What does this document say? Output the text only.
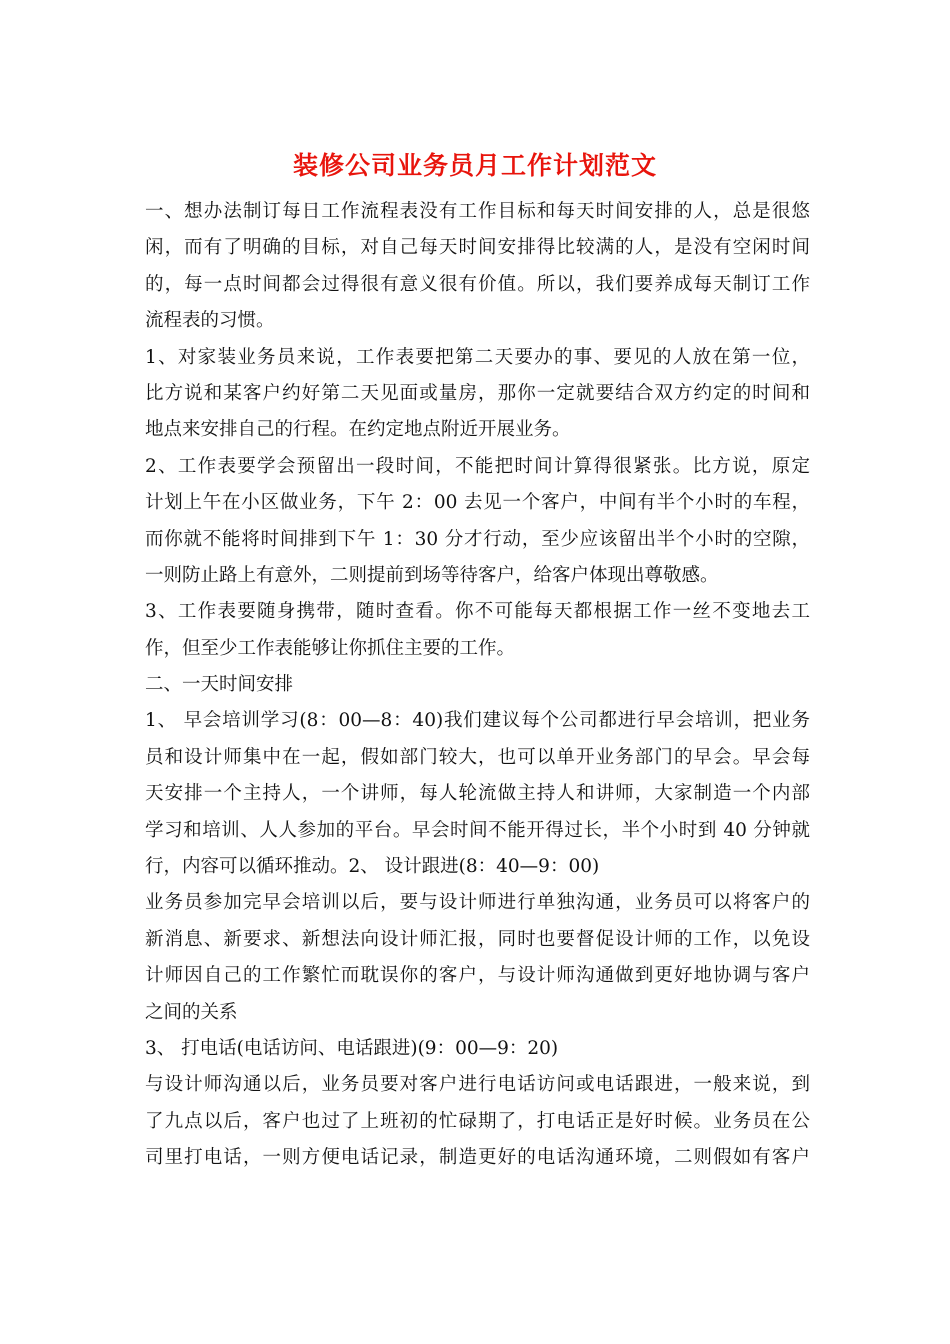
装修公司业务员月工作计划范文
一、想办法制订每日工作流程表没有工作目标和每天时间安排的人，总是很悠
闲，而有了明确的目标，对自己每天时间安排得比较满的人，是没有空闲时间
的，每一点时间都会过得很有意义很有价值。所以，我们要养成每天制订工作
流程表的习惯。
1、对家装业务员来说，工作表要把第二天要办的事、要见的人放在第一位，
比方说和某客户约好第二天见面或量房，那你一定就要结合双方约定的时间和
地点来安排自己的行程。在约定地点附近开展业务。
2、工作表要学会预留出一段时间，不能把时间计算得很紧张。比方说，原定
计划上午在小区做业务，下午 2：00 去见一个客户，中间有半个小时的车程，
而你就不能将时间排到下午 1：30 分才行动，至少应该留出半个小时的空隙，
一则防止路上有意外，二则提前到场等待客户，给客户体现出尊敬感。
3、工作表要随身携带，随时查看。你不可能每天都根据工作一丝不变地去工
作，但至少工作表能够让你抓住主要的工作。
二、一天时间安排
1、 早会培训学习(8：00—8：40)我们建议每个公司都进行早会培训，把业务
员和设计师集中在一起，假如部门较大，也可以单开业务部门的早会。早会每
天安排一个主持人，一个讲师，每人轮流做主持人和讲师，大家制造一个内部
学习和培训、人人参加的平台。早会时间不能开得过长，半个小时到 40 分钟就
行，内容可以循环推动。2、 设计跟进(8：40—9：00)
业务员参加完早会培训以后，要与设计师进行单独沟通，业务员可以将客户的
新消息、新要求、新想法向设计师汇报，同时也要督促设计师的工作，以免设
计师因自己的工作繁忙而耽误你的客户，与设计师沟通做到更好地协调与客户
之间的关系
3、 打电话(电话访问、电话跟进)(9：00—9：20)
与设计师沟通以后，业务员要对客户进行电话访问或电话跟进，一般来说，到
了九点以后，客户也过了上班初的忙碌期了，打电话正是好时候。业务员在公
司里打电话，一则方便电话记录，制造更好的电话沟通环境，二则假如有客户
